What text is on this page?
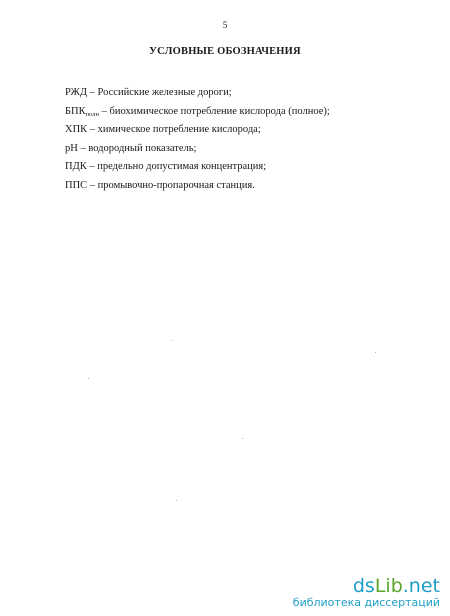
5
УСЛОВНЫЕ ОБОЗНАЧЕНИЯ
РЖД – Российские железные дороги;
$БПК_{полн}$ – биохимическое потребление кислорода (полное);
ХПК – химическое потребление кислорода;
рН – водородный показатель;
ПДК – предельно допустимая концентрация;
ППС – промывочно-пропарочная станция.
dsLib.net
библиотека диссертаций
